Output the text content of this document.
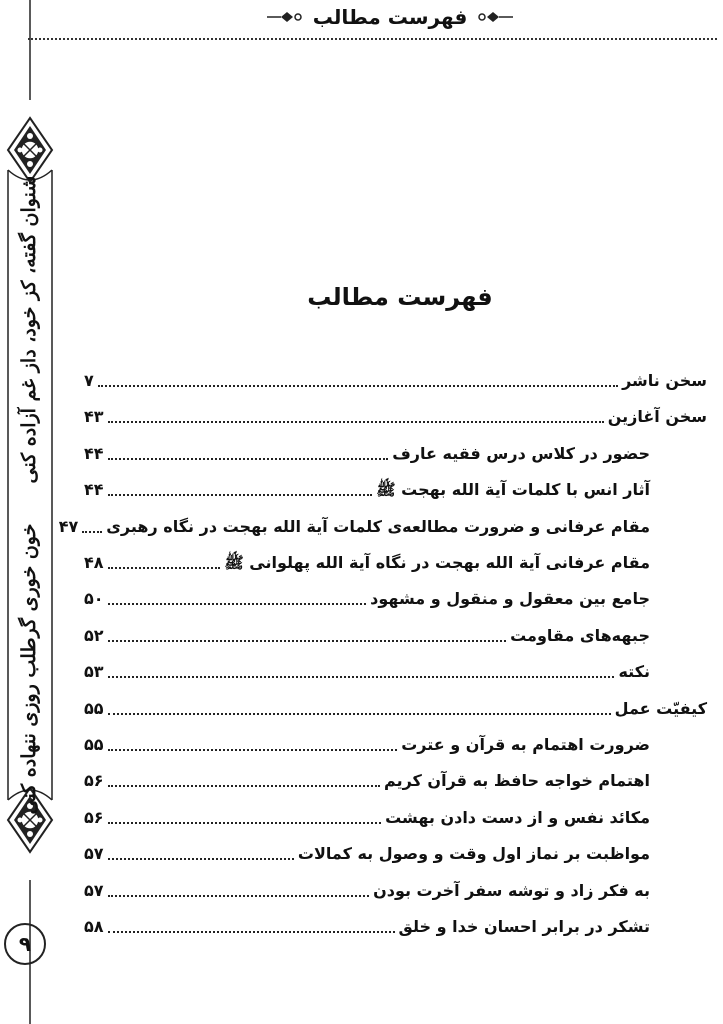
شنوان گفته، کز خود، داز غم آزاده کنی
خون خوری گرطلب روزی ننهاده کنی
۹
فهرست مطالب
فهرست مطالب
سخن ناشر
۷
سخن آغازین
۴۳
حضور در کلاس درس فقیه عارف
۴۴
آثار انس با کلمات آیة الله بهجت ﷺ
۴۴
مقام عرفانی و ضرورت مطالعه‌ی کلمات آیة الله بهجت در نگاه رهبری
۴۷
مقام عرفانی آیة الله بهجت در نگاه آیة الله پهلوانی ﷺ
۴۸
جامع بین معقول و منقول و مشهود
۵۰
جبهه‌های مقاومت
۵۲
نکته
۵۳
کیفیّت عمل
۵۵
ضرورت اهتمام به قرآن و عترت
۵۵
اهتمام خواجه حافظ به قرآن کریم
۵۶
مکائد نفس و از دست دادن بهشت
۵۶
مواظبت بر نماز اول وقت و وصول به کمالات
۵۷
به فکر زاد و توشه سفر آخرت بودن
۵۷
تشکر در برابر احسان خدا و خلق
۵۸
